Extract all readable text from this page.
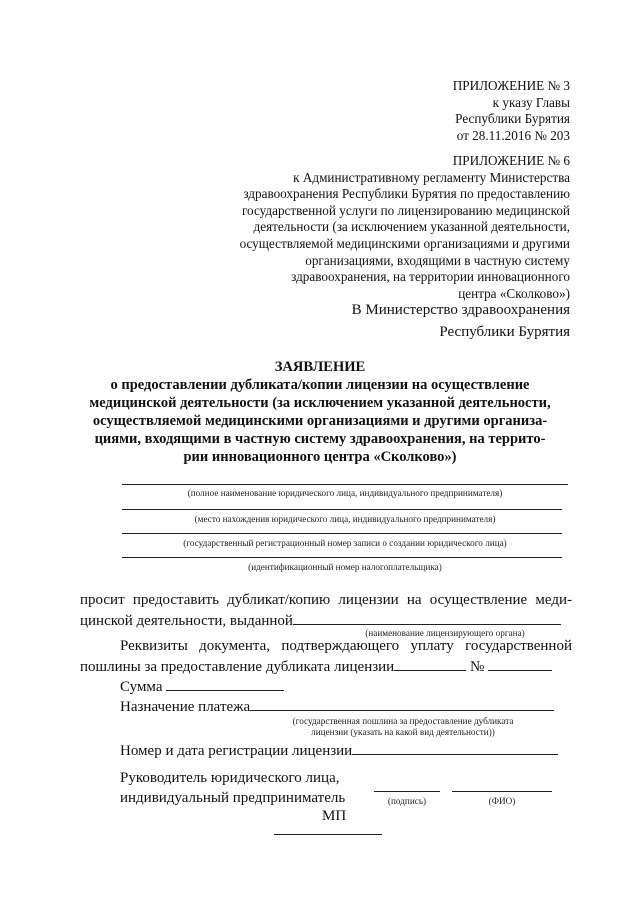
ПРИЛОЖЕНИЕ № 3
к указу Главы
Республики Бурятия
от 28.11.2016 № 203
ПРИЛОЖЕНИЕ № 6
к Административному регламенту Министерства
здравоохранения Республики Бурятия по предоставлению
государственной услуги по лицензированию медицинской
деятельности (за исключением указанной деятельности,
осуществляемой медицинскими организациями и другими
организациями, входящими в частную систему
здравоохранения, на территории инновационного
центра «Сколково»)
В Министерство здравоохранения
Республики Бурятия
ЗАЯВЛЕНИЕ
о предоставлении дубликата/копии лицензии на осуществление
медицинской деятельности (за исключением указанной деятельности,
осуществляемой медицинскими организациями и другими организа-
циями, входящими в частную систему здравоохранения, на террито-
рии инновационного центра «Сколково»)
(полное наименование юридического лица, индивидуального предпринимателя)
(место нахождения юридического лица, индивидуального предпринимателя)
(государственный регистрационный номер записи о создании юридического лица)
(идентификационный номер налогоплательщика)
просит предоставить дубликат/копию лицензии на осуществление меди-
цинской деятельности, выданной
(наименование лицензирующего органа)
Реквизиты документа, подтверждающего уплату государственной
пошлины за предоставление дубликата лицензии	№
Сумма
Назначение платежа
(государственная пошлина за предоставление дубликата
лицензии (указать на какой вид деятельности))
Номер и дата регистрации лицензии
Руководитель юридического лица,
индивидуальный предприниматель	(подпись)	(ФИО)
МП
